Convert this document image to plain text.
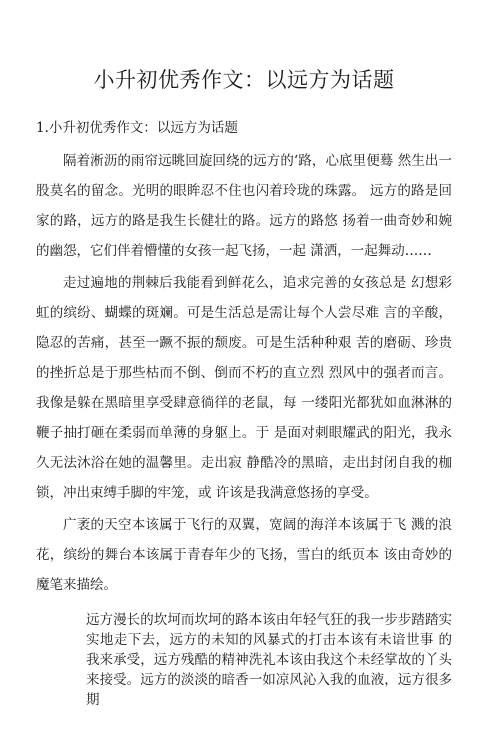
小升初优秀作文：以远方为话题
1.小升初优秀作文：以远方为话题

隔着淅沥的雨帘远眺回旋回绕的远方的‘路，心底里便蓦 然生出一股莫名的留念。光明的眼眸忍不住也闪着玲珑的珠露。 远方的路是回家的路，远方的路是我生长健壮的路。远方的路悠 扬着一曲奇妙和婉的幽怨，它们伴着懵懂的女孩一起飞扬，一起 潇洒，一起舞动……

走过遍地的荆棘后我能看到鲜花么，追求完善的女孩总是 幻想彩虹的缤纷、蝴蝶的斑斓。可是生活总是需让每个人尝尽难 言的辛酸，隐忍的苦痛，甚至一蹶不振的颓废。可是生活种种艰 苦的磨砺、珍贵的挫折总是于那些枯而不倒、倒而不朽的直立烈 烈风中的强者而言。我像是躲在黑暗里享受肆意徜徉的老鼠，每 一缕阳光都犹如血淋淋的鞭子抽打砸在柔弱而单薄的身躯上。于 是面对刺眼耀武的阳光，我永久无法沐浴在她的温馨里。走出寂 静酷冷的黑暗，走出封闭自我的枷锁，冲出束缚手脚的牢笼，或 许该是我满意悠扬的享受。

广袤的天空本该属于飞行的双翼，宽阔的海洋本该属于飞 溅的浪花，缤纷的舞台本该属于青春年少的飞扬，雪白的纸页本 该由奇妙的魔笔来描绘。

远方漫长的坎坷而坎坷的路本该由年轻气狂的我一步步踏踏实实地走下去，远方的未知的风暴式的打击本该有未谙世事 的我来承受，远方残酷的精神洗礼本该由我这个未经掌故的丫头 来接受。远方的淡淡的暗香一如凉风沁入我的血液，远方很多期
